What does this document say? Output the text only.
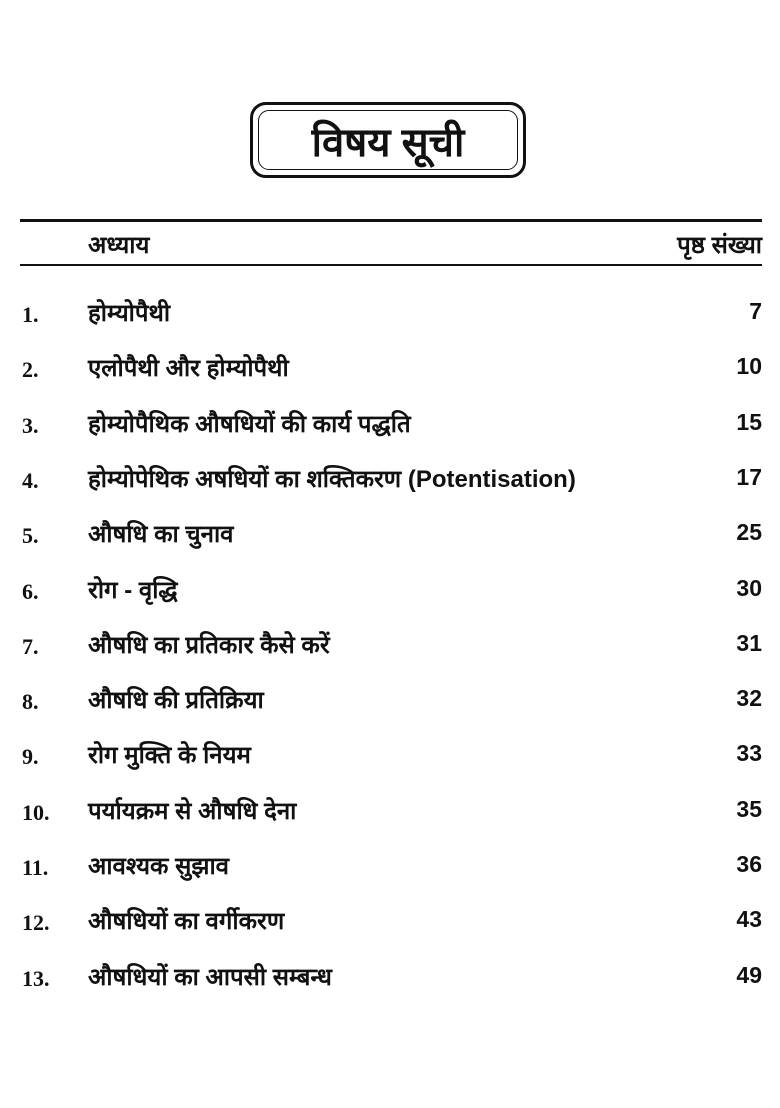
विषय सूची
अध्याय	पृष्ठ संख्या
1. होम्योपैथी	7
2. एलोपैथी और होम्योपैथी	10
3. होम्योपैथिक औषधियों की कार्य पद्धति	15
4. होम्योपेथिक अषधियों का शक्तिकरण (Potentisation)	17
5. औषधि का चुनाव	25
6. रोग - वृद्धि	30
7. औषधि का प्रतिकार कैसे करें	31
8. औषधि की प्रतिक्रिया	32
9. रोग मुक्ति के नियम	33
10. पर्यायक्रम से औषधि देना	35
11. आवश्यक सुझाव	36
12. औषधियों का वर्गीकरण	43
13. औषधियों का आपसी सम्बन्ध	49
